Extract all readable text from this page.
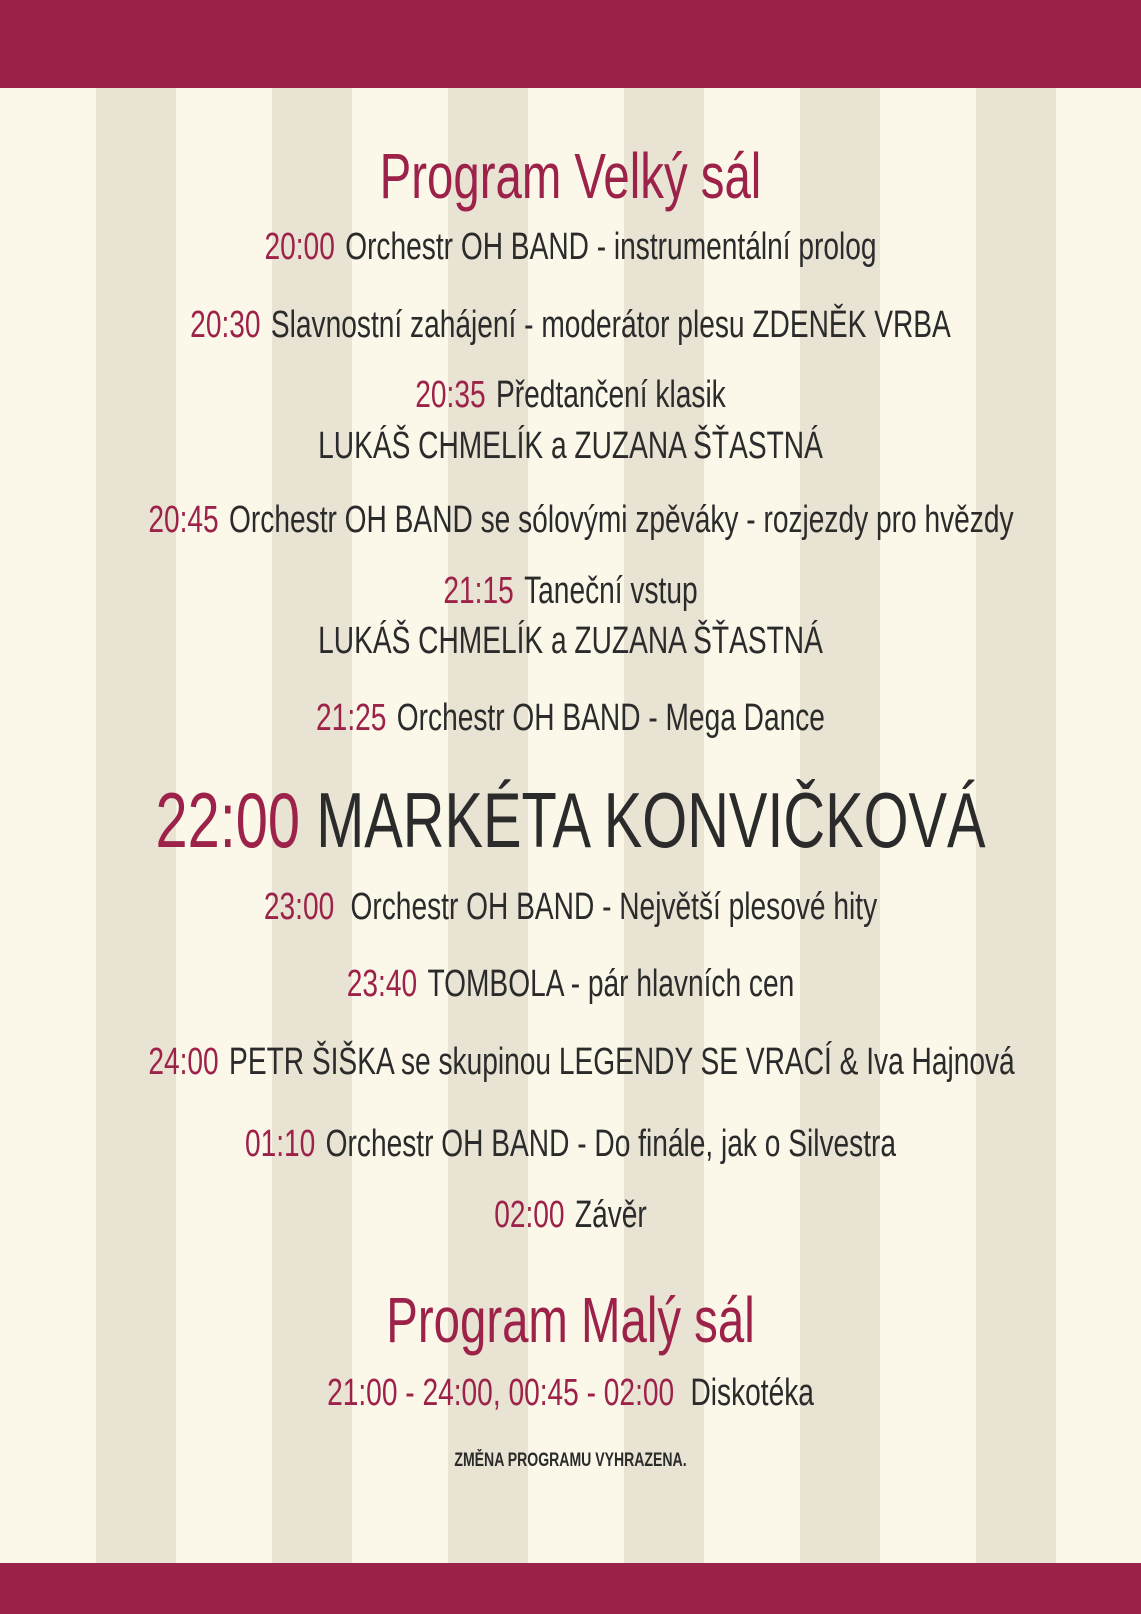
Program Velký sál
20:00 Orchestr OH BAND - instrumentální prolog
20:30 Slavnostní zahájení - moderátor plesu ZDENĚK VRBA
20:35 Předtančení klasik
LUKÁŠ CHMELÍK a ZUZANA ŠŤASTNÁ
20:45 Orchestr OH BAND se sólovými zpěváky - rozjezdy pro hvězdy
21:15 Taneční vstup
LUKÁŠ CHMELÍK a ZUZANA ŠŤASTNÁ
21:25 Orchestr OH BAND - Mega Dance
22:00 MARKÉTA KONVIČKOVÁ
23:00 Orchestr OH BAND - Největší plesové hity
23:40 TOMBOLA - pár hlavních cen
24:00 PETR ŠIŠKA se skupinou LEGENDY SE VRACÍ & Iva Hajnová
01:10 Orchestr OH BAND - Do finále, jak o Silvestra
02:00 Závěr
Program Malý sál
21:00 - 24:00, 00:45 - 02:00 Diskotéka
ZMĚNA PROGRAMU VYHRAZENA.
